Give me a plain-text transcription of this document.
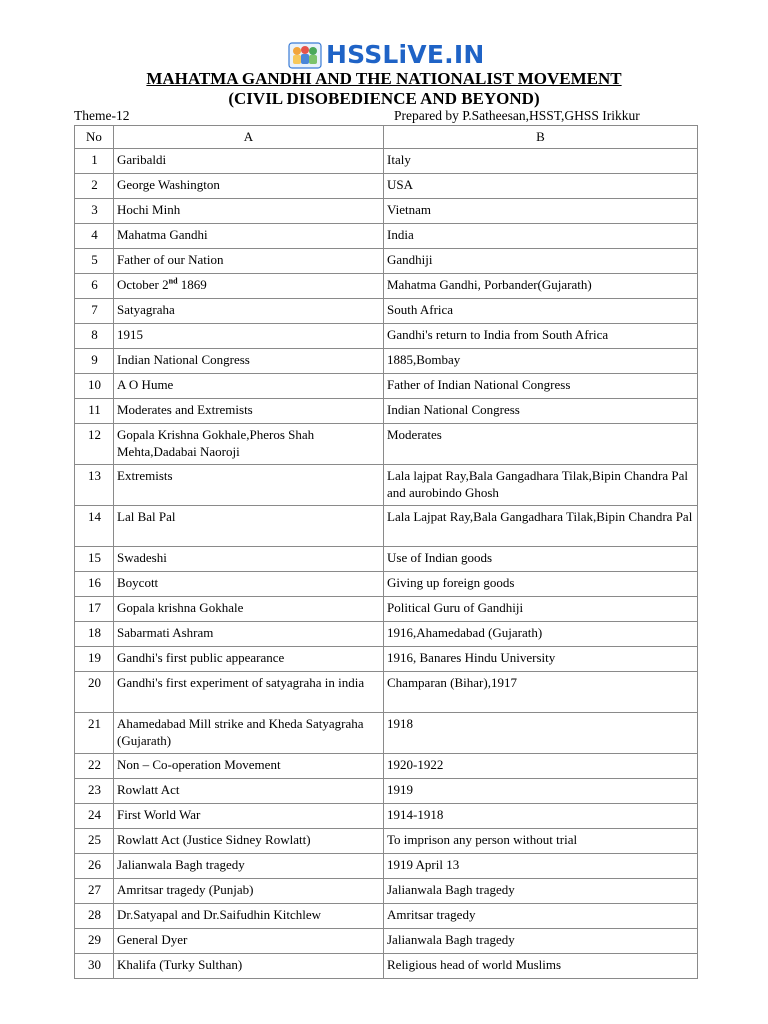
HSSLiVE.IN
MAHATMA GANDHI AND THE NATIONALIST MOVEMENT
(CIVIL DISOBEDIENCE AND BEYOND)
Theme-12	Prepared by P.Satheesan,HSST,GHSS Irikkur
No	A	B
1	Garibaldi	Italy
2	George Washington	USA
3	Hochi Minh	Vietnam
4	Mahatma Gandhi	India
5	Father of our Nation	Gandhiji
6	October 2nd 1869	Mahatma Gandhi, Porbander(Gujarath)
7	Satyagraha	South Africa
8	1915	Gandhi's return to India from South Africa
9	Indian National Congress	1885,Bombay
10	A O Hume	Father of Indian National Congress
11	Moderates and Extremists	Indian National Congress
12	Gopala Krishna Gokhale,Pheros Shah Mehta,Dadabai Naoroji	Moderates
13	Extremists	Lala lajpat Ray,Bala Gangadhara Tilak,Bipin Chandra Pal and aurobindo Ghosh
14	Lal Bal Pal	Lala Lajpat Ray,Bala Gangadhara Tilak,Bipin Chandra Pal
15	Swadeshi	Use of Indian goods
16	Boycott	Giving up foreign goods
17	Gopala krishna Gokhale	Political Guru of Gandhiji
18	Sabarmati Ashram	1916,Ahamedabad (Gujarath)
19	Gandhi's first public appearance	1916, Banares Hindu University
20	Gandhi's first experiment of satyagraha in india	Champaran (Bihar),1917
21	Ahamedabad Mill strike and Kheda Satyagraha (Gujarath)	1918
22	Non – Co-operation Movement	1920-1922
23	Rowlatt Act	1919
24	First World War	1914-1918
25	Rowlatt Act (Justice Sidney Rowlatt)	To imprison any person without trial
26	Jalianwala Bagh tragedy	1919 April 13
27	Amritsar tragedy (Punjab)	Jalianwala Bagh tragedy
28	Dr.Satyapal and Dr.Saifudhin Kitchlew	Amritsar tragedy
29	General Dyer	Jalianwala Bagh tragedy
30	Khalifa (Turky Sulthan)	Religious head of world Muslims
